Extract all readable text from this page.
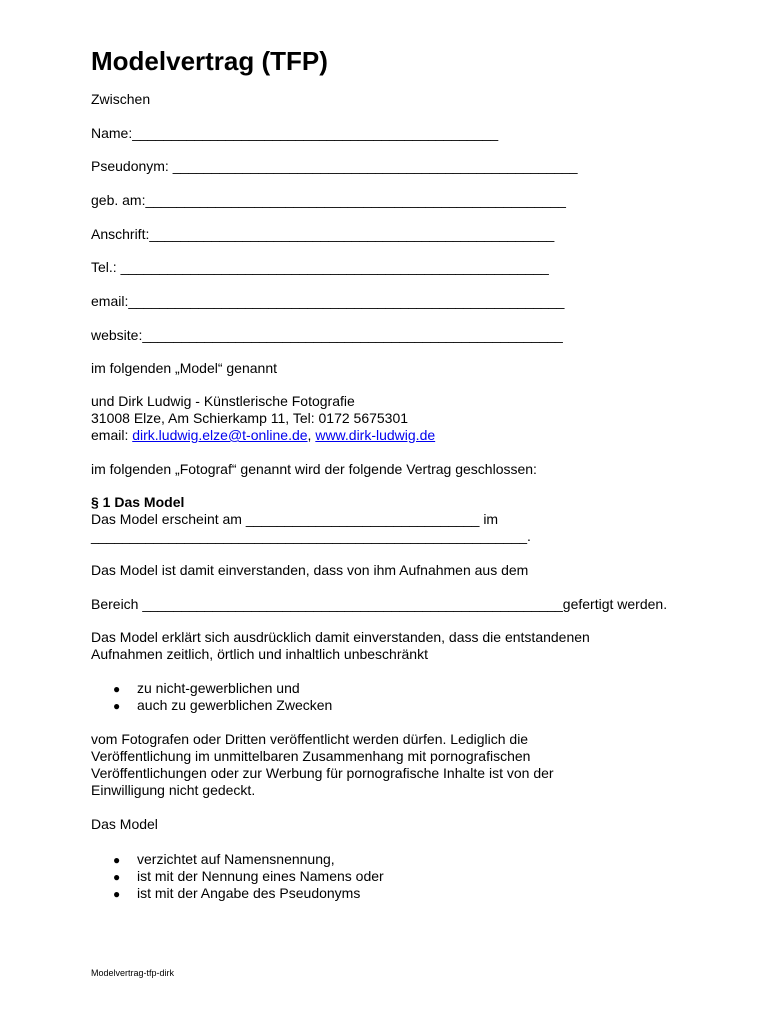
Modelvertrag (TFP)

Zwischen

Name:_______________________________________________

Pseudonym: ____________________________________________________

geb. am:______________________________________________________

Anschrift:____________________________________________________

Tel.: _______________________________________________________

email:________________________________________________________

website:______________________________________________________

im folgenden „Model“ genannt

und Dirk Ludwig - Künstlerische Fotografie

31008 Elze, Am Schierkamp 11, Tel: 0172 5675301

email: dirk.ludwig.elze@t-online.de, www.dirk-ludwig.de

im folgenden „Fotograf“ genannt wird der folgende Vertrag geschlossen:

§ 1 Das Model

Das Model erscheint am ______________________________ im

________________________________________________________.

Das Model ist damit einverstanden, dass von ihm Aufnahmen aus dem

Bereich ______________________________________________________gefertigt werden.

Das Model erklärt sich ausdrücklich damit einverstanden, dass die entstandenen

Aufnahmen zeitlich, örtlich und inhaltlich unbeschränkt

● zu nicht-gewerblichen und
● auch zu gewerblichen Zwecken

vom Fotografen oder Dritten veröffentlicht werden dürfen. Lediglich die

Veröffentlichung im unmittelbaren Zusammenhang mit pornografischen

Veröffentlichungen oder zur Werbung für pornografische Inhalte ist von der

Einwilligung nicht gedeckt.

Das Model

● verzichtet auf Namensnennung,
● ist mit der Nennung eines Namens oder
● ist mit der Angabe des Pseudonyms
Modelvertrag-tfp-dirk
